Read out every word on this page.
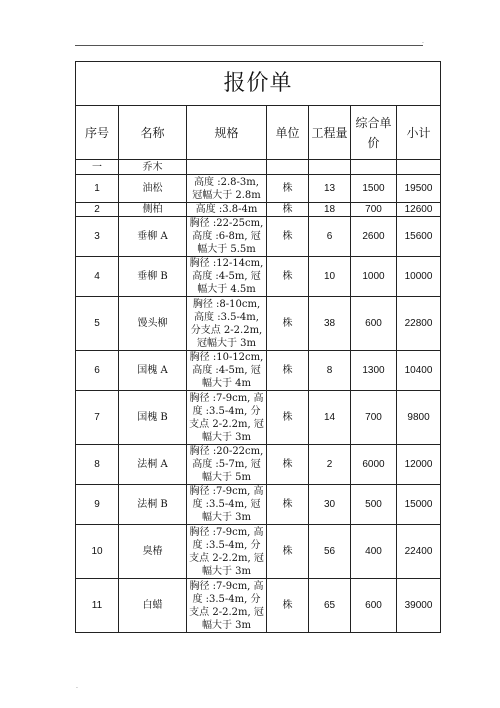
.
报价单						
序号	名称	规格	单位	工程量	综合单价	小计
一	乔木					
1	油松	高度 :2.8-3m, 冠幅大于 2.8m	株	13	1500	19500
2	侧柏	高度 :3.8-4m	株	18	700	12600
3	垂柳 A	胸径 :22-25cm, 高度 :6-8m, 冠幅大于 5.5m	株	6	2600	15600
4	垂柳 B	胸径 :12-14cm, 高度 :4-5m, 冠幅大于 4.5m	株	10	1000	10000
5	馒头柳	胸径 :8-10cm, 高度 :3.5-4m, 分支点 2-2.2m, 冠幅大于 3m	株	38	600	22800
6	国槐 A	胸径 :10-12cm, 高度 :4-5m, 冠幅大于 4m	株	8	1300	10400
7	国槐 B	胸径 :7-9cm, 高度 :3.5-4m, 分支点 2-2.2m, 冠幅大于 3m	株	14	700	9800
8	法桐 A	胸径 :20-22cm, 高度 :5-7m, 冠幅大于 5m	株	2	6000	12000
9	法桐 B	胸径 :7-9cm, 高度 :3.5-4m, 冠幅大于 3m	株	30	500	15000
10	臭椿	胸径 :7-9cm, 高度 :3.5-4m, 分支点 2-2.2m, 冠幅大于 3m	株	56	400	22400
11	白蜡	胸径 :7-9cm, 高度 :3.5-4m, 分支点 2-2.2m, 冠幅大于 3m	株	65	600	39000
.
